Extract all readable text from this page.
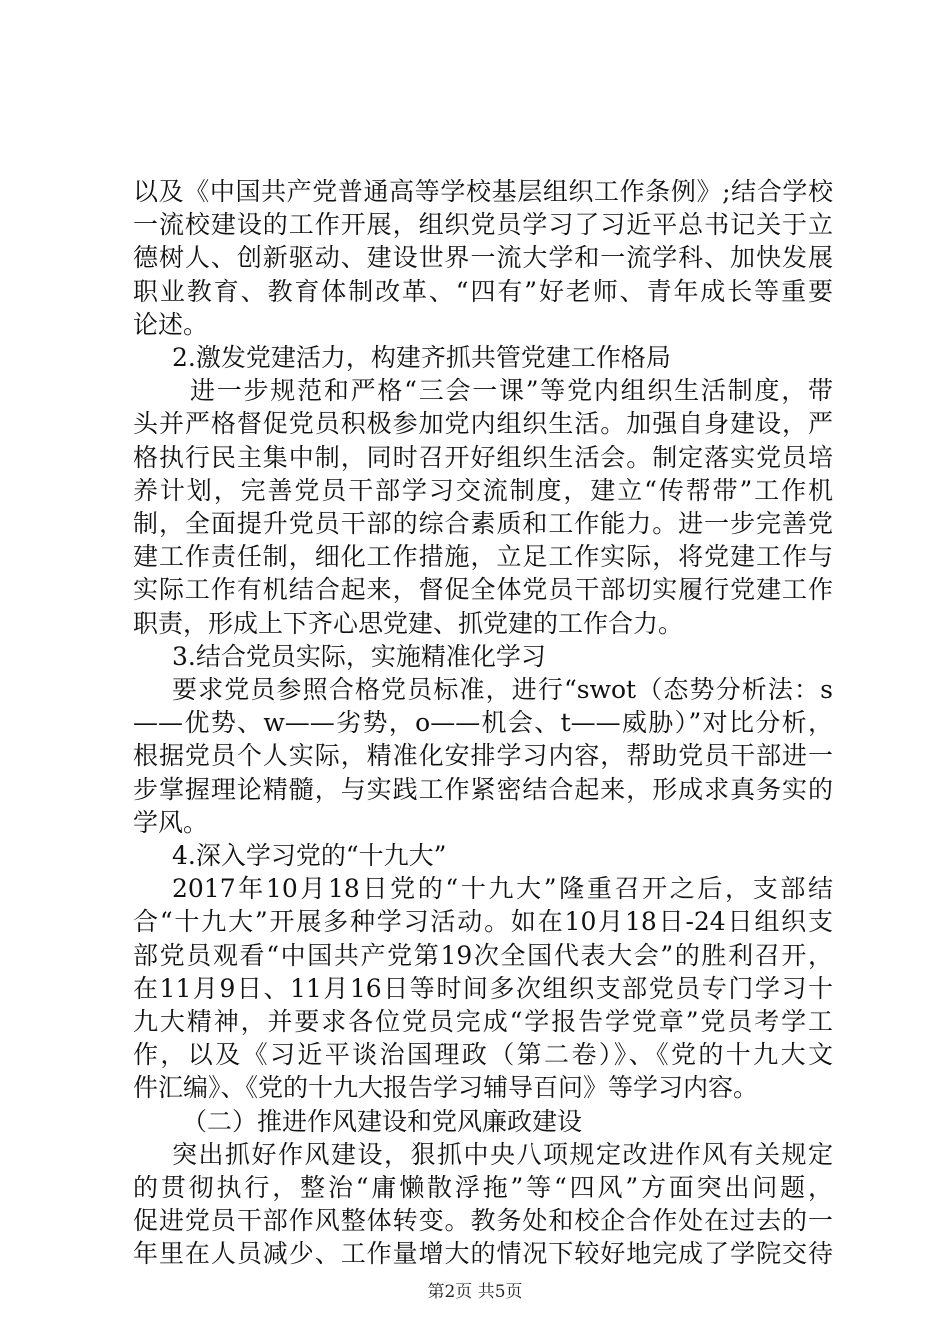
以及《中国共产党普通高等学校基层组织工作条例》;结合学校
一流校建设的工作开展，组织党员学习了习近平总书记关于立
德树人、创新驱动、建设世界一流大学和一流学科、加快发展
职业教育、教育体制改革、“四有”好老师、青年成长等重要
论述。
2.激发党建活力，构建齐抓共管党建工作格局
进一步规范和严格“三会一课”等党内组织生活制度，带
头并严格督促党员积极参加党内组织生活。加强自身建设，严
格执行民主集中制，同时召开好组织生活会。制定落实党员培
养计划，完善党员干部学习交流制度，建立“传帮带”工作机
制，全面提升党员干部的综合素质和工作能力。进一步完善党
建工作责任制，细化工作措施，立足工作实际，将党建工作与
实际工作有机结合起来，督促全体党员干部切实履行党建工作
职责，形成上下齐心思党建、抓党建的工作合力。
3.结合党员实际，实施精准化学习
要求党员参照合格党员标准，进行“swot（态势分析法：s
——优势、w——劣势，o——机会、t——威胁）”对比分析，
根据党员个人实际，精准化安排学习内容，帮助党员干部进一
步掌握理论精髓，与实践工作紧密结合起来，形成求真务实的
学风。
4.深入学习党的“十九大”
2017年10月18日党的“十九大”隆重召开之后，支部结
合“十九大”开展多种学习活动。如在10月18日-24日组织支
部党员观看“中国共产党第19次全国代表大会”的胜利召开，
在11月9日、11月16日等时间多次组织支部党员专门学习十
九大精神，并要求各位党员完成“学报告学党章”党员考学工
作，以及《习近平谈治国理政（第二卷）》、《党的十九大文
件汇编》、《党的十九大报告学习辅导百问》等学习内容。
（二）推进作风建设和党风廉政建设
突出抓好作风建设，狠抓中央八项规定改进作风有关规定
的贯彻执行，整治“庸懒散浮拖”等“四风”方面突出问题，
促进党员干部作风整体转变。教务处和校企合作处在过去的一
年里在人员减少、工作量增大的情况下较好地完成了学院交待
第2页 共5页
